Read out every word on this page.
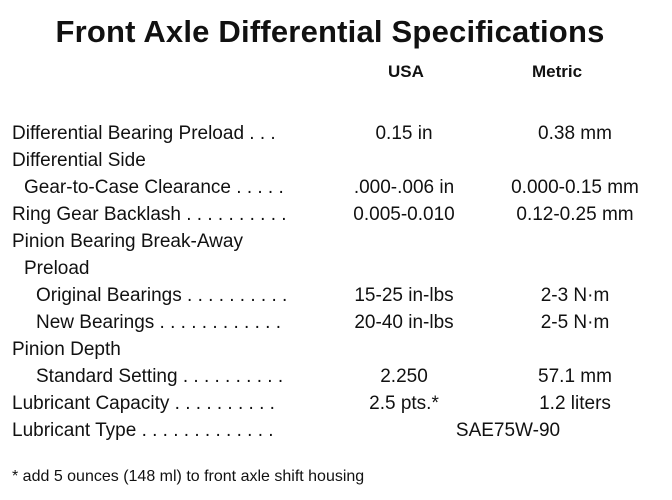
Front Axle Differential Specifications
USA	Metric
Differential Bearing Preload . . .	0.15 in	0.38 mm
Differential Side
Gear-to-Case Clearance . . . . .	.000-.006 in	0.000-0.15 mm
Ring Gear Backlash . . . . . . . . . .	0.005-0.010	0.12-0.25 mm
Pinion Bearing Break-Away
Preload
Original Bearings . . . . . . . . . .	15-25 in-lbs	2-3 N·m
New Bearings . . . . . . . . . . . .	20-40 in-lbs	2-5 N·m
Pinion Depth
Standard Setting . . . . . . . . . .	2.250	57.1 mm
Lubricant Capacity . . . . . . . . . .	2.5 pts.*	1.2 liters
Lubricant Type . . . . . . . . . . . . .	SAE75W-90
* add 5 ounces (148 ml) to front axle shift housing
